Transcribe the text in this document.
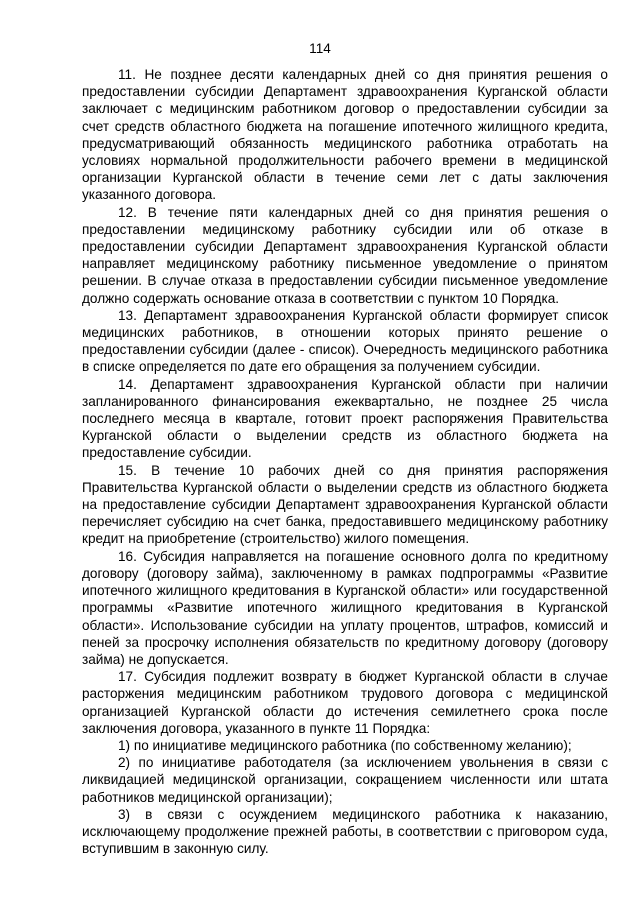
114

11. Не позднее десяти календарных дней со дня принятия решения о предоставлении субсидии Департамент здравоохранения Курганской области заключает с медицинским работником договор о предоставлении субсидии за счет средств областного бюджета на погашение ипотечного жилищного кредита, предусматривающий обязанность медицинского работника отработать на условиях нормальной продолжительности рабочего времени в медицинской организации Курганской области в течение семи лет с даты заключения указанного договора.

12. В течение пяти календарных дней со дня принятия решения о предоставлении медицинскому работнику субсидии или об отказе в предоставлении субсидии Департамент здравоохранения Курганской области направляет медицинскому работнику письменное уведомление о принятом решении. В случае отказа в предоставлении субсидии письменное уведомление должно содержать основание отказа в соответствии с пунктом 10 Порядка.

13. Департамент здравоохранения Курганской области формирует список медицинских работников, в отношении которых принято решение о предоставлении субсидии (далее - список). Очередность медицинского работника в списке определяется по дате его обращения за получением субсидии.

14. Департамент здравоохранения Курганской области при наличии запланированного финансирования ежеквартально, не позднее 25 числа последнего месяца в квартале, готовит проект распоряжения Правительства Курганской области о выделении средств из областного бюджета на предоставление субсидии.

15. В течение 10 рабочих дней со дня принятия распоряжения Правительства Курганской области о выделении средств из областного бюджета на предоставление субсидии Департамент здравоохранения Курганской области перечисляет субсидию на счет банка, предоставившего медицинскому работнику кредит на приобретение (строительство) жилого помещения.

16. Субсидия направляется на погашение основного долга по кредитному договору (договору займа), заключенному в рамках подпрограммы «Развитие ипотечного жилищного кредитования в Курганской области» или государственной программы «Развитие ипотечного жилищного кредитования в Курганской области». Использование субсидии на уплату процентов, штрафов, комиссий и пеней за просрочку исполнения обязательств по кредитному договору (договору займа) не допускается.

17. Субсидия подлежит возврату в бюджет Курганской области в случае расторжения медицинским работником трудового договора с медицинской организацией Курганской области до истечения семилетнего срока после заключения договора, указанного в пункте 11 Порядка:

1) по инициативе медицинского работника (по собственному желанию);

2) по инициативе работодателя (за исключением увольнения в связи с ликвидацией медицинской организации, сокращением численности или штата работников медицинской организации);

3) в связи с осуждением медицинского работника к наказанию, исключающему продолжение прежней работы, в соответствии с приговором суда, вступившим в законную силу.
